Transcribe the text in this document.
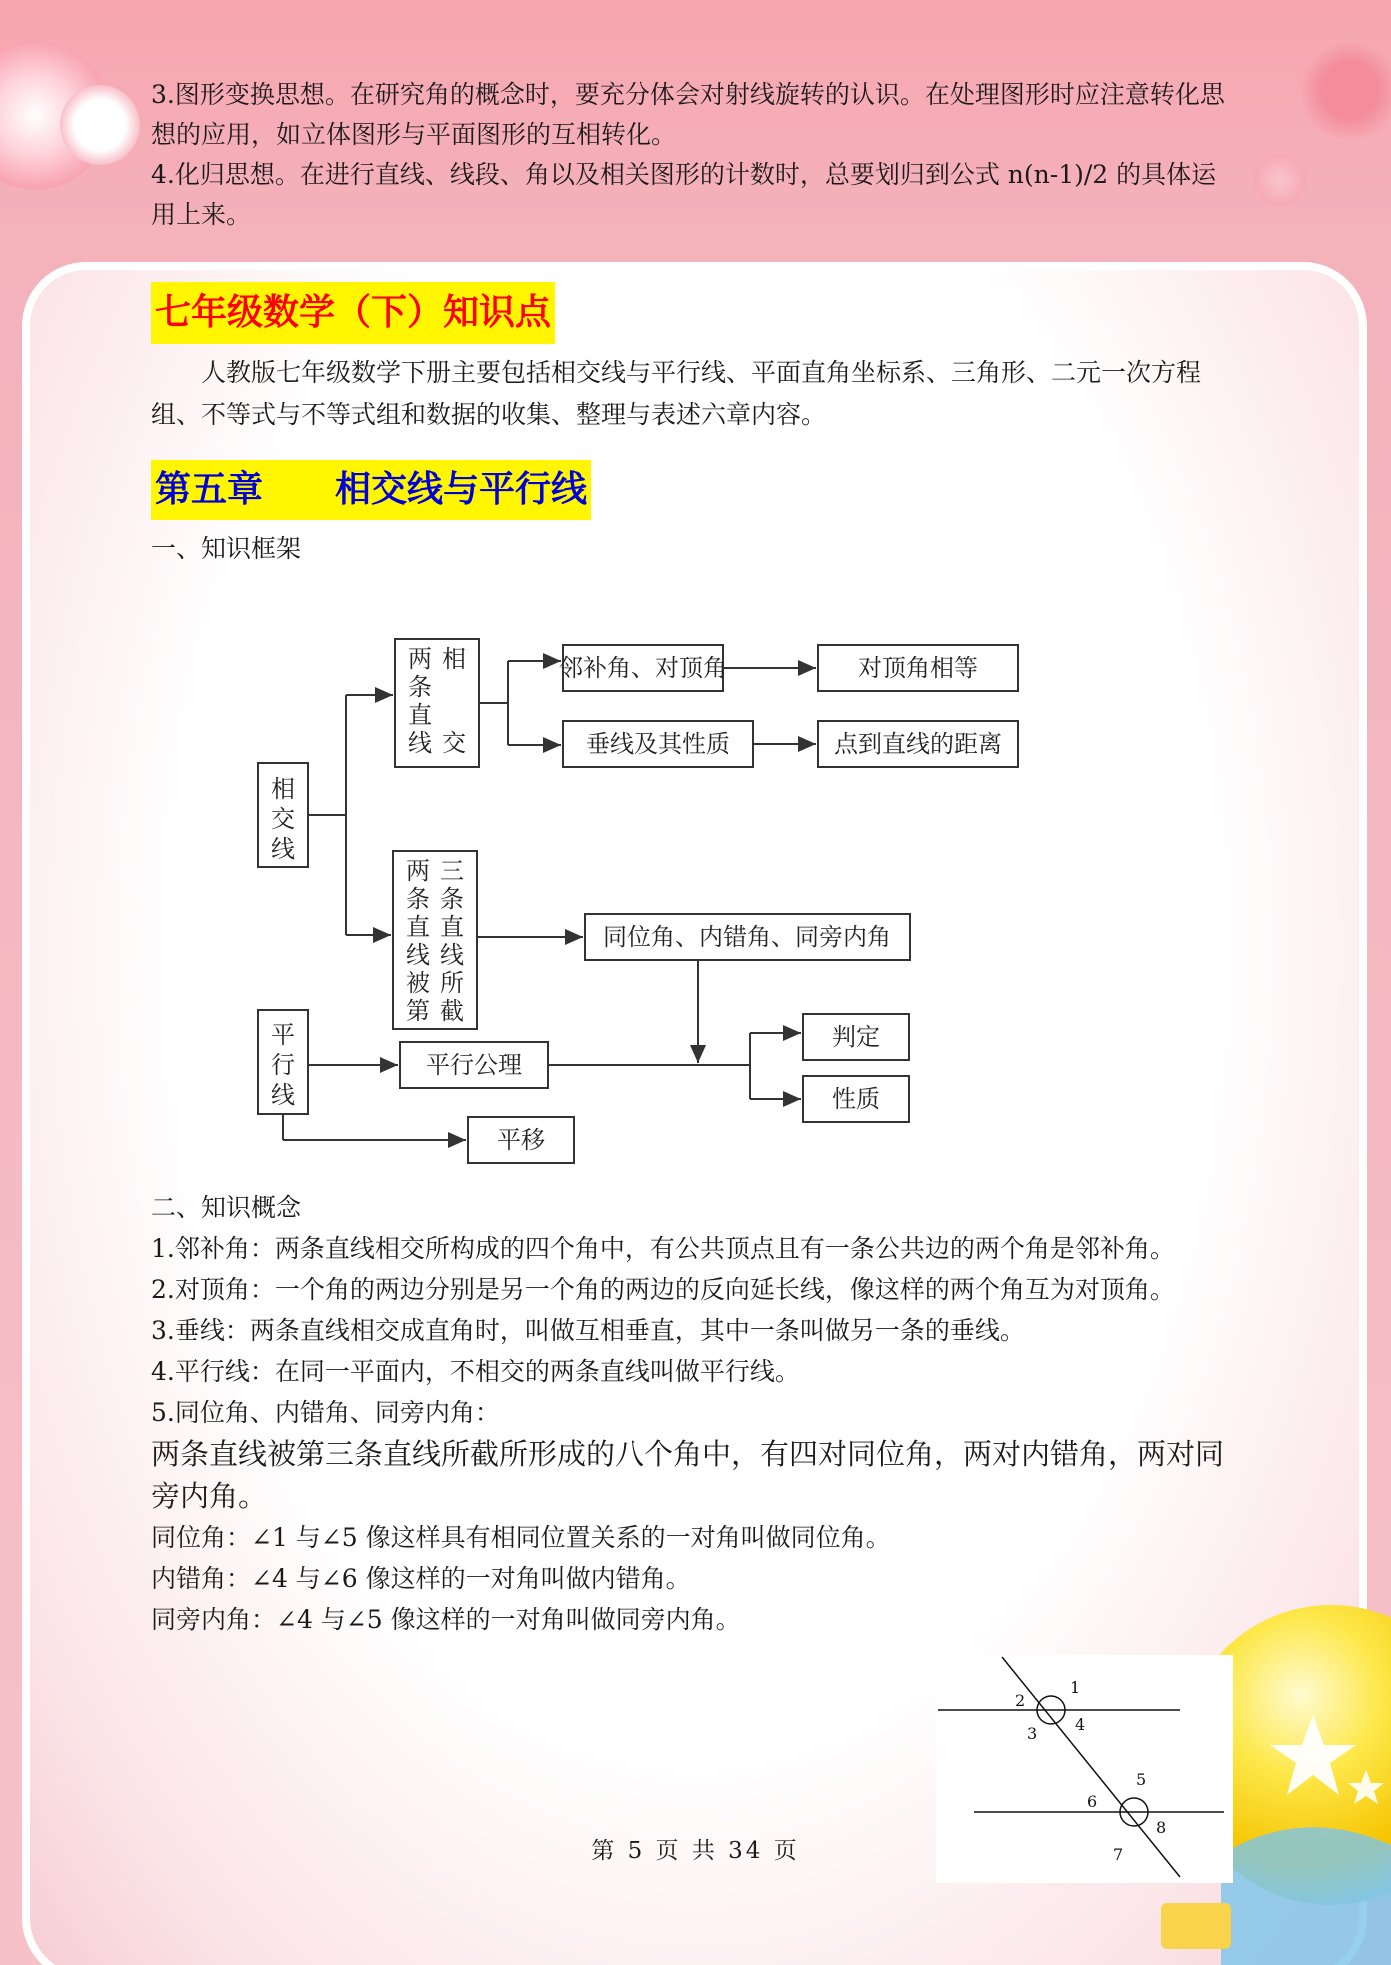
3.图形变换思想。在研究角的概念时，要充分体会对射线旋转的认识。在处理图形时应注意转化思想的应用，如立体图形与平面图形的互相转化。

4.化归思想。在进行直线、线段、角以及相关图形的计数时，总要划归到公式 n(n-1)/2 的具体运用上来。

七年级数学（下）知识点

人教版七年级数学下册主要包括相交线与平行线、平面直角坐标系、三角形、二元一次方程组、不等式与不等式组和数据的收集、整理与表述六章内容。

第五章　　相交线与平行线

一、知识框架

相 交 线
两 条 直 线
相 交
邻补角、对顶角	对顶角相等
垂线及其性质	点到直线的距离
两 条 直 线 被 第
三 条 直 线 所 截
同位角、内错角、同旁内角
平 行 线
平行公理
判定
性质
平移

二、知识概念

1.邻补角：两条直线相交所构成的四个角中，有公共顶点且有一条公共边的两个角是邻补角。

2.对顶角：一个角的两边分别是另一个角的两边的反向延长线，像这样的两个角互为对顶角。

3.垂线：两条直线相交成直角时，叫做互相垂直，其中一条叫做另一条的垂线。

4.平行线：在同一平面内，不相交的两条直线叫做平行线。

5.同位角、内错角、同旁内角：

两条直线被第三条直线所截所形成的八个角中，有四对同位角，两对内错角，两对同旁内角。

同位角：∠1 与∠5 像这样具有相同位置关系的一对角叫做同位角。

内错角：∠4 与∠6 像这样的一对角叫做内错角。

同旁内角：∠4 与∠5 像这样的一对角叫做同旁内角。

1
2
3 4
5
6
7
8
第 5 页 共 34 页
